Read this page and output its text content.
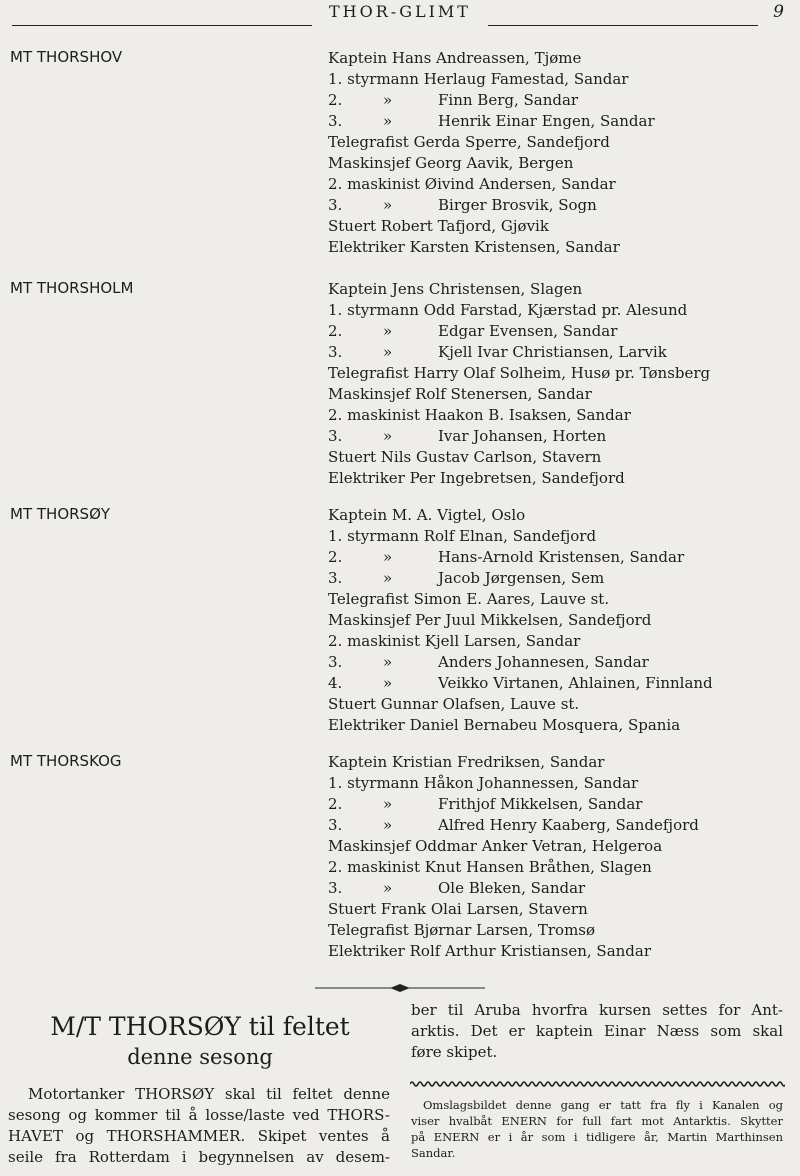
THOR-GLIMT	9
MT THORSHOV	Kaptein Hans Andreassen, Tjøme
1. styrmann Herlaug Famestad, Sandar
2.	»	Finn Berg, Sandar
3.	»	Henrik Einar Engen, Sandar
Telegrafist Gerda Sperre, Sandefjord
Maskinsjef Georg Aavik, Bergen
2. maskinist Øivind Andersen, Sandar
3.	»	Birger Brosvik, Sogn
Stuert Robert Tafjord, Gjøvik
Elektriker Karsten Kristensen, Sandar
MT THORSHOLM	Kaptein Jens Christensen, Slagen
1. styrmann Odd Farstad, Kjærstad pr. Alesund
2.	»	Edgar Evensen, Sandar
3.	»	Kjell Ivar Christiansen, Larvik
Telegrafist Harry Olaf Solheim, Husø pr. Tønsberg
Maskinsjef Rolf Stenersen, Sandar
2. maskinist Haakon B. Isaksen, Sandar
3.	»	Ivar Johansen, Horten
Stuert Nils Gustav Carlson, Stavern
Elektriker Per Ingebretsen, Sandefjord
MT THORSØY	Kaptein M. A. Vigtel, Oslo
1. styrmann Rolf Elnan, Sandefjord
2.	»	Hans-Arnold Kristensen, Sandar
3.	»	Jacob Jørgensen, Sem
Telegrafist Simon E. Aares, Lauve st.
Maskinsjef Per Juul Mikkelsen, Sandefjord
2. maskinist Kjell Larsen, Sandar
3.	»	Anders Johannesen, Sandar
4.	»	Veikko Virtanen, Ahlainen, Finnland
Stuert Gunnar Olafsen, Lauve st.
Elektriker Daniel Bernabeu Mosquera, Spania
MT THORSKOG	Kaptein Kristian Fredriksen, Sandar
1. styrmann Håkon Johannessen, Sandar
2.	»	Frithjof Mikkelsen, Sandar
3.	»	Alfred Henry Kaaberg, Sandefjord
Maskinsjef Oddmar Anker Vetran, Helgeroa
2. maskinist Knut Hansen Bråthen, Slagen
3.	»	Ole Bleken, Sandar
Stuert Frank Olai Larsen, Stavern
Telegrafist Bjørnar Larsen, Tromsø
Elektriker Rolf Arthur Kristiansen, Sandar
M/T THORSØY til feltet
denne sesong
Motortanker THORSØY skal til feltet denne
sesong og kommer til å losse/laste ved THORS-
HAVET og THORSHAMMER. Skipet ventes å
seile fra Rotterdam i begynnelsen av desem-
ber til Aruba hvorfra kursen settes for Ant-
arktis. Det er kaptein Einar Næss som skal
føre skipet.
Omslagsbildet denne gang er tatt fra fly i Kanalen og
viser hvalbåt ENERN for full fart mot Antarktis. Skytter
på ENERN er i år som i tidligere år, Martin Marthinsen
Sandar.
